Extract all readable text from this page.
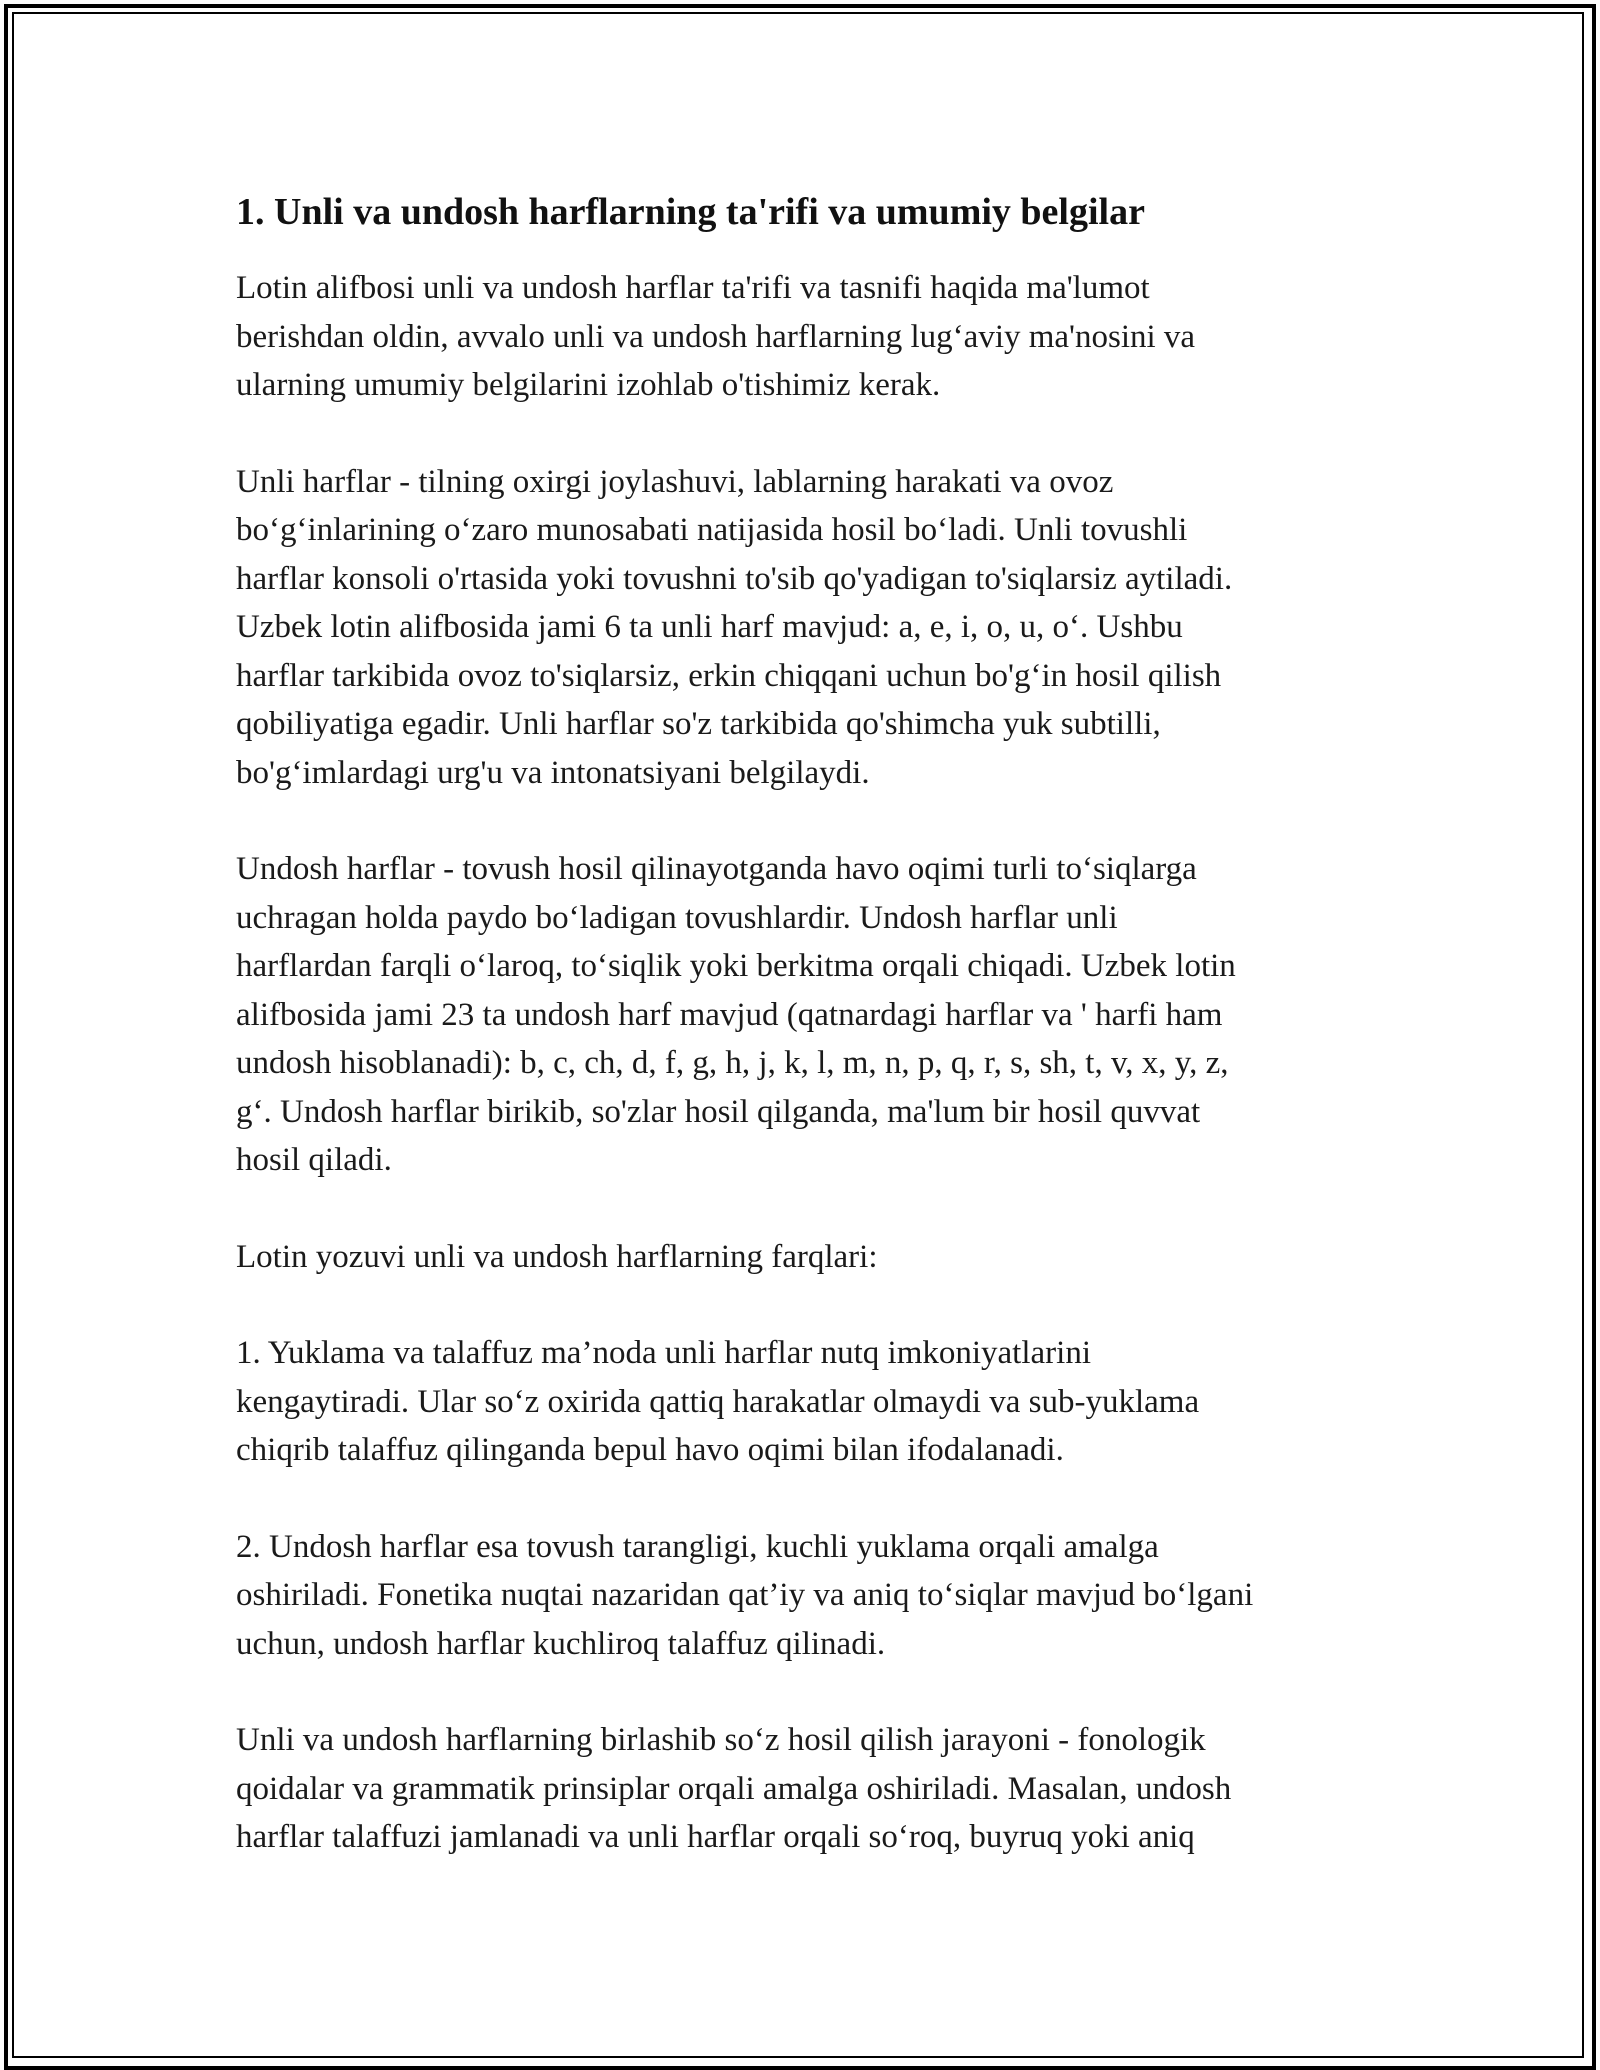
1. Unli va undosh harflarning ta'rifi va umumiy belgilar

Lotin alifbosi unli va undosh harflar ta'rifi va tasnifi haqida ma'lumot
berishdan oldin, avvalo unli va undosh harflarning lug‘aviy ma'nosini va
ularning umumiy belgilarini izohlab o'tishimiz kerak.

Unli harflar - tilning oxirgi joylashuvi, lablarning harakati va ovoz
bo‘g‘inlarining o‘zaro munosabati natijasida hosil bo‘ladi. Unli tovushli
harflar konsoli o'rtasida yoki tovushni to'sib qo'yadigan to'siqlarsiz aytiladi.
Uzbek lotin alifbosida jami 6 ta unli harf mavjud: a, e, i, o, u, o‘. Ushbu
harflar tarkibida ovoz to'siqlarsiz, erkin chiqqani uchun bo'g‘in hosil qilish
qobiliyatiga egadir. Unli harflar so'z tarkibida qo'shimcha yuk subtilli,
bo'g‘imlardagi urg'u va intonatsiyani belgilaydi.

Undosh harflar - tovush hosil qilinayotganda havo oqimi turli to‘siqlarga
uchragan holda paydo bo‘ladigan tovushlardir. Undosh harflar unli
harflardan farqli o‘laroq, to‘siqlik yoki berkitma orqali chiqadi. Uzbek lotin
alifbosida jami 23 ta undosh harf mavjud (qatnardagi harflar va ' harfi ham
undosh hisoblanadi): b, c, ch, d, f, g, h, j, k, l, m, n, p, q, r, s, sh, t, v, x, y, z,
g‘. Undosh harflar birikib, so'zlar hosil qilganda, ma'lum bir hosil quvvat
hosil qiladi.

Lotin yozuvi unli va undosh harflarning farqlari:

1. Yuklama va talaffuz ma’noda unli harflar nutq imkoniyatlarini
kengaytiradi. Ular so‘z oxirida qattiq harakatlar olmaydi va sub-yuklama
chiqrib talaffuz qilinganda bepul havo oqimi bilan ifodalanadi.

2. Undosh harflar esa tovush tarangligi, kuchli yuklama orqali amalga
oshiriladi. Fonetika nuqtai nazaridan qat’iy va aniq to‘siqlar mavjud bo‘lgani
uchun, undosh harflar kuchliroq talaffuz qilinadi.

Unli va undosh harflarning birlashib so‘z hosil qilish jarayoni - fonologik
qoidalar va grammatik prinsiplar orqali amalga oshiriladi. Masalan, undosh
harflar talaffuzi jamlanadi va unli harflar orqali so‘roq, buyruq yoki aniq
